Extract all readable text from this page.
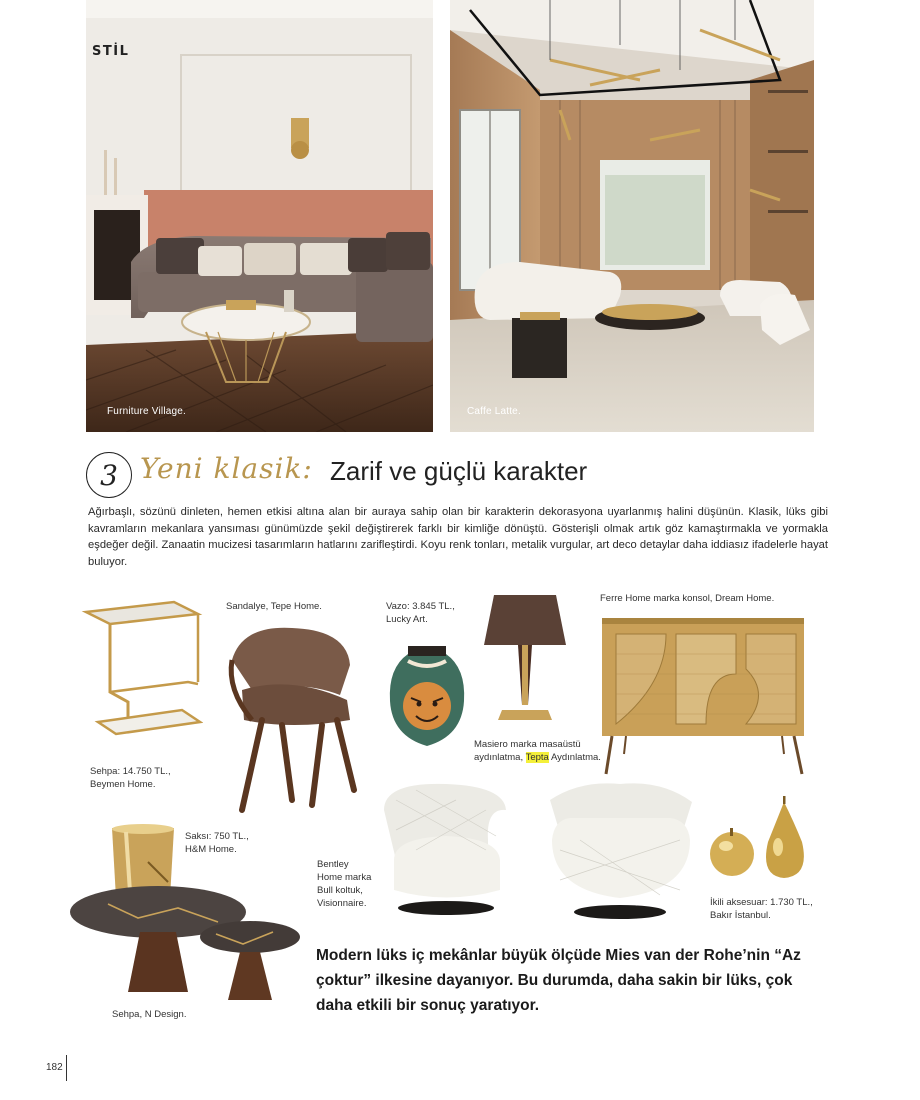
STİL
Furniture Village.	Caffe Latte.
3 Yeni klasik: Zarif ve güçlü karakter
Ağırbaşlı, sözünü dinleten, hemen etkisi altına alan bir auraya sahip olan bir karakterin dekorasyona uyarlanmış halini düşünün. Klasik, lüks gibi kavramların mekanlara yansıması günümüzde şekil değiştirerek farklı bir kimliğe dönüştü. Gösterişli olmak artık göz kamaştırmakla ve yormakla eşdeğer değil. Zanaatin mucizesi tasarımların hatlarını zarifleştirdi. Koyu renk tonları, metalik vurgular, art deco detaylar daha iddiasız ifadelerle hayat buluyor.
Sehpa: 14.750 TL.,
Beymen Home.
Sandalye, Tepe Home.	Vazo: 3.845 TL.,
Lucky Art.
Masiero marka masaüstü
aydınlatma, Tepta Aydınlatma.
Ferre Home marka konsol, Dream Home.
Saksı: 750 TL.,
H&M Home.
Sehpa, N Design.
Bentley
Home marka
Bull koltuk,
Visionnaire.	İkili aksesuar: 1.730 TL.,
Bakır İstanbul.
Modern lüks iç mekânlar büyük ölçüde Mies van der Rohe’nin “Az çoktur” ilkesine dayanıyor. Bu durumda, daha sakin bir lüks, çok daha etkili bir sonuç yaratıyor.
182
